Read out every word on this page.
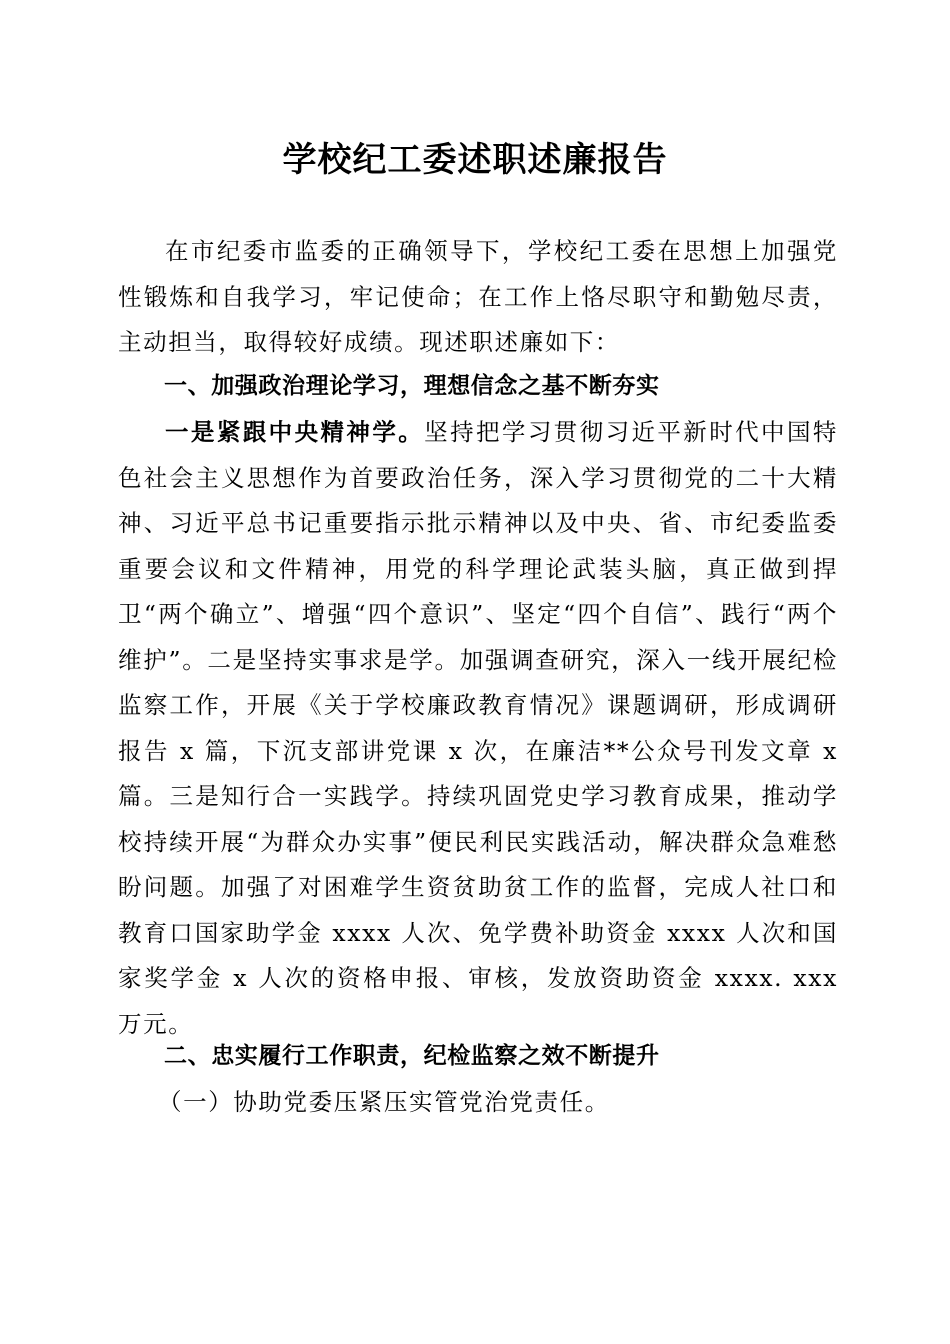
学校纪工委述职述廉报告

在市纪委市监委的正确领导下，学校纪工委在思想上加强党性锻炼和自我学习，牢记使命；在工作上恪尽职守和勤勉尽责，主动担当，取得较好成绩。现述职述廉如下：

一、加强政治理论学习，理想信念之基不断夯实

一是紧跟中央精神学。坚持把学习贯彻习近平新时代中国特色社会主义思想作为首要政治任务，深入学习贯彻党的二十大精神、习近平总书记重要指示批示精神以及中央、省、市纪委监委重要会议和文件精神，用党的科学理论武装头脑，真正做到捍卫“两个确立”、增强“四个意识”、坚定“四个自信”、践行“两个维护”。二是坚持实事求是学。加强调查研究，深入一线开展纪检监察工作，开展《关于学校廉政教育情况》课题调研，形成调研报告 x 篇，下沉支部讲党课 x 次，在廉洁**公众号刊发文章 x 篇。三是知行合一实践学。持续巩固党史学习教育成果，推动学校持续开展“为群众办实事”便民利民实践活动，解决群众急难愁盼问题。加强了对困难学生资贫助贫工作的监督，完成人社口和教育口国家助学金 xxxx 人次、免学费补助资金 xxxx 人次和国家奖学金 x 人次的资格申报、审核，发放资助资金 xxxx. xxx 万元。

二、忠实履行工作职责，纪检监察之效不断提升

（一）协助党委压紧压实管党治党责任。
